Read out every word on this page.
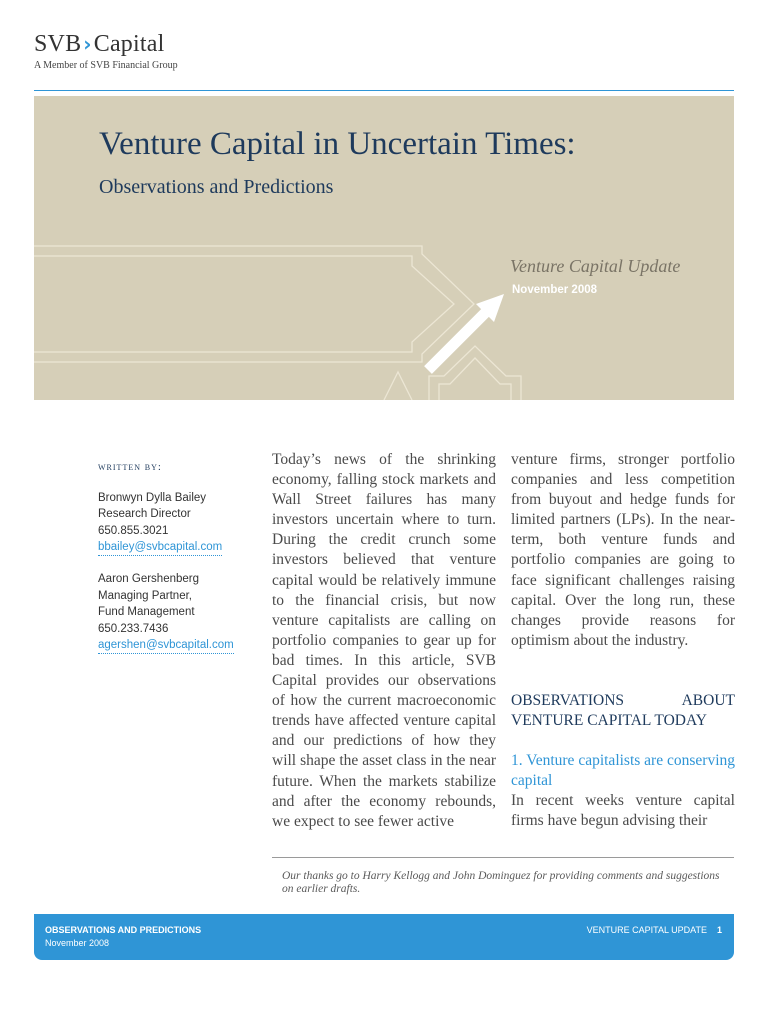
SVB ›Capital
A Member of SVB Financial Group
Venture Capital in Uncertain Times:
Observations and Predictions
Venture Capital Update
November 2008
written by:
Bronwyn Dylla Bailey
Research Director
650.855.3021
bbailey@svbcapital.com
Aaron Gershenberg
Managing Partner,
Fund Management
650.233.7436
agershen@svbcapital.com

Today’s news of the shrinking economy, falling stock markets and Wall Street failures has many investors uncertain where to turn. During the credit crunch some investors believed that venture capital would be relatively immune to the financial crisis, but now venture capitalists are calling on portfolio companies to gear up for bad times. In this article, SVB Capital provides our observations of how the current macroeconomic trends have affected venture capital and our predictions of how they will shape the asset class in the near future. When the markets stabilize and after the economy rebounds, we expect to see fewer active

venture firms, stronger portfolio companies and less competition from buyout and hedge funds for limited partners (LPs). In the near-term, both venture funds and portfolio companies are going to face significant challenges raising capital. Over the long run, these changes provide reasons for optimism about the industry.

OBSERVATIONS ABOUT VENTURE CAPITAL TODAY
1. Venture capitalists are conserving capital

In recent weeks venture capital firms have begun advising their

Our thanks go to Harry Kellogg and John Dominguez for providing comments and suggestions on earlier drafts.
OBSERVATIONS AND PREDICTIONS
November 2008
VENTURE CAPITAL UPDATE 1
